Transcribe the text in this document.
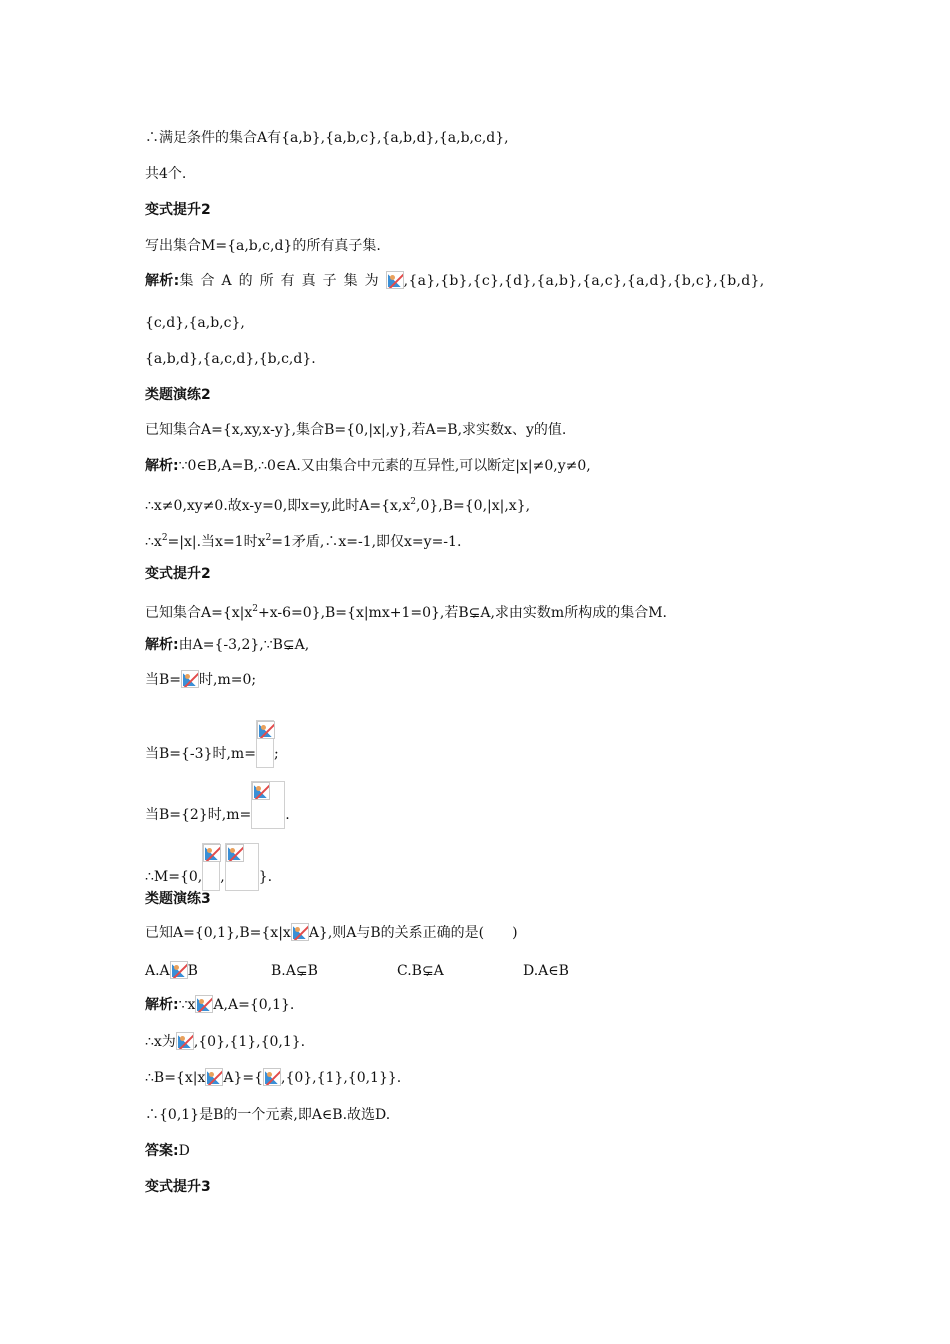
∴满足条件的集合A有{a,b},{a,b,c},{a,b,d},{a,b,c,d},
共4个.
变式提升2
写出集合M={a,b,c,d}的所有真子集.
解析:集合A的所有真子集为 ,{a},{b},{c},{d},{a,b},{a,c},{a,d},{b,c},{b,d},
{c,d},{a,b,c},
{a,b,d},{a,c,d},{b,c,d}.
类题演练2
已知集合A={x,xy,x-y},集合B={0,|x|,y},若A=B,求实数x、y的值.
解析:∵0∈B,A=B,∴0∈A.又由集合中元素的互异性,可以断定|x|≠0,y≠0,
∴x≠0,xy≠0.故x-y=0,即x=y,此时$A=\{x,x^2,0\},B=\{0,|x|,x\}$,
$\therefore x^2=|x|$.当x=1时$x^2=1$矛盾,∴x=-1,即仅x=y=-1.
变式提升2
已知集合$A=\{x|x^2+x-6=0\},B=\{x|mx+1=0\}$,若B⊊A,求由实数m所构成的集合M.
解析:由A={-3,2},∵B⊊A,
当B= 时,m=0;
当B={-3}时,m= ;
当B={2}时,m= .
∴M={0, , }.
类题演练3
已知A={0,1},B={x|x A},则A与B的关系正确的是(　　)
A.A B	B.A⊊B	C.B⊊A	D.A∈B
解析:∵x A,A={0,1}.
∴x为 ,{0},{1},{0,1}.
∴B={x|x A}={ ,{0},{1},{0,1}}.
∴{0,1}是B的一个元素,即A∈B.故选D.
答案:D
变式提升3
